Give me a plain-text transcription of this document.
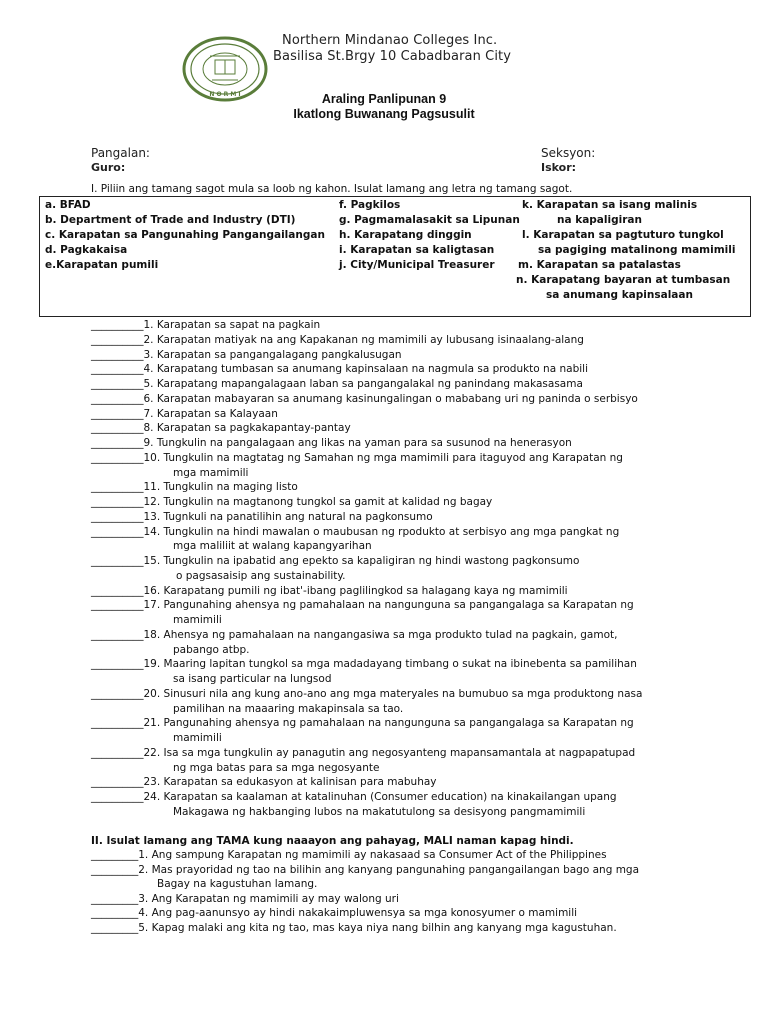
N O R M I
Northern Mindanao Colleges Inc.
Basilisa St.Brgy 10 Cabadbaran City
Araling Panlipunan 9
Ikatlong Buwanang Pagsusulit
Pangalan:	Seksyon:
Guro:	Iskor:
I. Piliin ang tamang sagot mula sa loob ng kahon. Isulat lamang ang letra ng tamang sagot.
a. BFAD
b. Department of Trade and Industry (DTI)
c. Karapatan sa Pangunahing Pangangailangan
d. Pagkakaisa
e.Karapatan pumili
f. Pagkilos
g. Pagmamalasakit sa Lipunan
h. Karapatang dinggin
i. Karapatan sa kaligtasan
j. City/Municipal Treasurer
k. Karapatan sa isang malinis
na kapaligiran
l. Karapatan sa pagtuturo tungkol
sa pagiging matalinong mamimili
m. Karapatan sa patalastas
n. Karapatang bayaran at tumbasan
sa anumang kapinsalaan
__________1. Karapatan sa sapat na pagkain
__________2. Karapatan matiyak na ang Kapakanan ng mamimili ay lubusang isinaalang-alang
__________3. Karapatan sa pangangalagang pangkalusugan
__________4. Karapatang tumbasan sa anumang kapinsalaan na nagmula sa produkto na nabili
__________5. Karapatang mapangalagaan laban sa pangangalakal ng panindang makasasama
__________6. Karapatan mabayaran sa anumang kasinungalingan o mababang uri ng paninda o serbisyo
__________7. Karapatan sa Kalayaan
__________8. Karapatan sa pagkakapantay-pantay
__________9. Tungkulin na pangalagaan ang likas na yaman para sa susunod na henerasyon
__________10. Tungkulin na magtatag ng Samahan ng mga mamimili para itaguyod ang Karapatan ng
mga mamimili
__________11. Tungkulin na maging listo
__________12. Tungkulin na magtanong tungkol sa gamit at kalidad ng bagay
__________13. Tugnkuli na panatilihin ang natural na pagkonsumo
__________14. Tungkulin na hindi mawalan o maubusan ng rpodukto at serbisyo ang mga pangkat ng
mga maliliit at walang kapangyarihan
__________15. Tungkulin na ipabatid ang epekto sa kapaligiran ng hindi wastong pagkonsumo
o pagsasaisip ang sustainability.
__________16. Karapatang pumili ng ibat'-ibang paglilingkod sa halagang kaya ng mamimili
__________17. Pangunahing ahensya ng pamahalaan na nangunguna sa pangangalaga sa Karapatan ng
mamimili
__________18. Ahensya ng pamahalaan na nangangasiwa sa mga produkto tulad na pagkain, gamot,
pabango atbp.
__________19. Maaring lapitan tungkol sa mga madadayang timbang o sukat na ibinebenta sa pamilihan
sa isang particular na lungsod
__________20. Sinusuri nila ang kung ano-ano ang mga materyales na bumubuo sa mga produktong nasa
pamilihan na maaaring makapinsala sa tao.
__________21. Pangunahing ahensya ng pamahalaan na nangunguna sa pangangalaga sa Karapatan ng
mamimili
__________22. Isa sa mga tungkulin ay panagutin ang negosyanteng mapansamantala at nagpapatupad
ng mga batas para sa mga negosyante
__________23. Karapatan sa edukasyon at kalinisan para mabuhay
__________24. Karapatan sa kaalaman at katalinuhan (Consumer education) na kinakailangan upang
Makagawa ng hakbanging lubos na makatutulong sa desisyong pangmamimili
II. Isulat lamang ang TAMA kung naaayon ang pahayag, MALI naman kapag hindi.
_________1. Ang sampung Karapatan ng mamimili ay nakasaad sa Consumer Act of the Philippines
_________2. Mas prayoridad ng tao na bilihin ang kanyang pangunahing pangangailangan bago ang mga
Bagay na kagustuhan lamang.
_________3. Ang Karapatan ng mamimili ay may walong uri
_________4. Ang pag-aanunsyo ay hindi nakakaimpluwensya sa mga konosyumer o mamimili
_________5. Kapag malaki ang kita ng tao, mas kaya niya nang bilhin ang kanyang mga kagustuhan.
